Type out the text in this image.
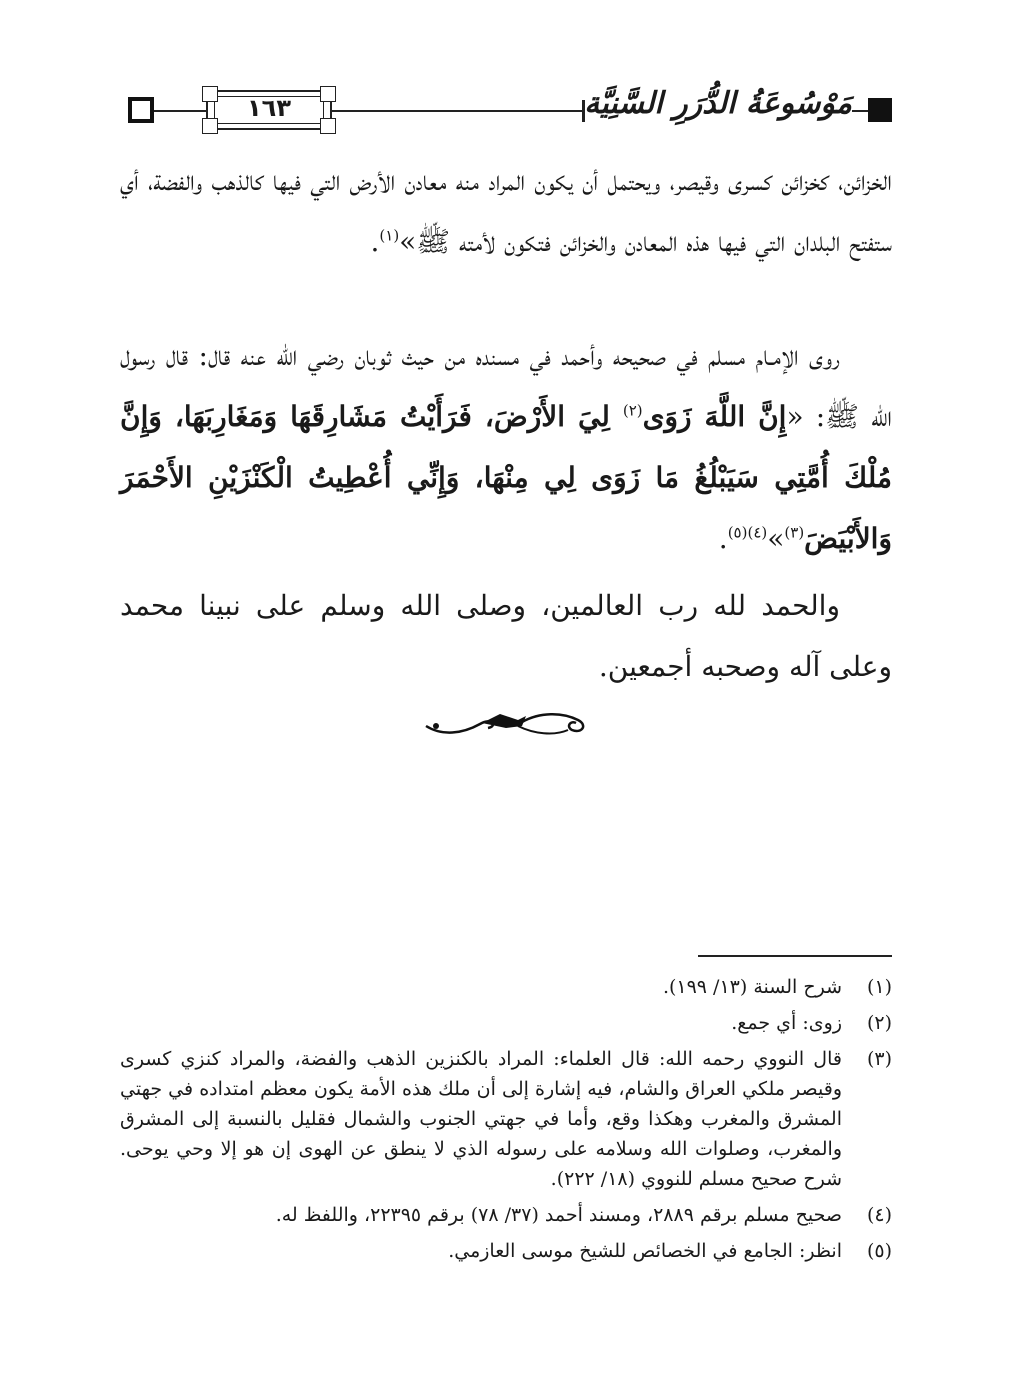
١٦٣	مَوْسُوعَةُ الدُّرَرِ السَّنِيَّة
الخزائن، كخزائن كسرى وقيصر، ويحتمل أن يكون المراد منه معادن الأرض التي فيها كالذهب والفضة، أي ستفتح البلدان التي فيها هذه المعادن والخزائن فتكون لأمته ﷺ»$^{(١)}$.
روى الإمـام مسلم في صحيحه وأحمد في مسنده من حيث ثوبان رضي الله عنه قال: قال رسول الله ﷺ: «إِنَّ اللَّهَ زَوَى$^{(٢)}$ لِيَ الأَرْضَ، فَرَأَيْتُ مَشَارِقَهَا وَمَغَارِبَهَا، وَإِنَّ مُلْكَ أُمَّتِي سَيَبْلُغُ مَا زَوَى لِي مِنْهَا، وَإِنِّي أُعْطِيتُ الْكَنْزَيْنِ الأَحْمَرَ وَالأَبْيَضَ$^{(٣)}$»$^{(٤)(٥)}$.
والحمد لله رب العالمين، وصلى الله وسلم على نبينا محمد وعلى آله وصحبه أجمعين.
(١)
شرح السنة (١٣/ ١٩٩).
(٢)
زوى: أي جمع.
(٣)
قال النووي رحمه الله: قال العلماء: المراد بالكنزين الذهب والفضة، والمراد كنزي كسرى وقيصر ملكي العراق والشام، فيه إشارة إلى أن ملك هذه الأمة يكون معظم امتداده في جهتي المشرق والمغرب وهكذا وقع، وأما في جهتي الجنوب والشمال فقليل بالنسبة إلى المشرق والمغرب، وصلوات الله وسلامه على رسوله الذي لا ينطق عن الهوى إن هو إلا وحي يوحى. شرح صحيح مسلم للنووي (١٨/ ٢٢٢).
(٤)
صحيح مسلم برقم ٢٨٨٩، ومسند أحمد (٣٧/ ٧٨) برقم ٢٢٣٩٥، واللفظ له.
(٥)
انظر: الجامع في الخصائص للشيخ موسى العازمي.
